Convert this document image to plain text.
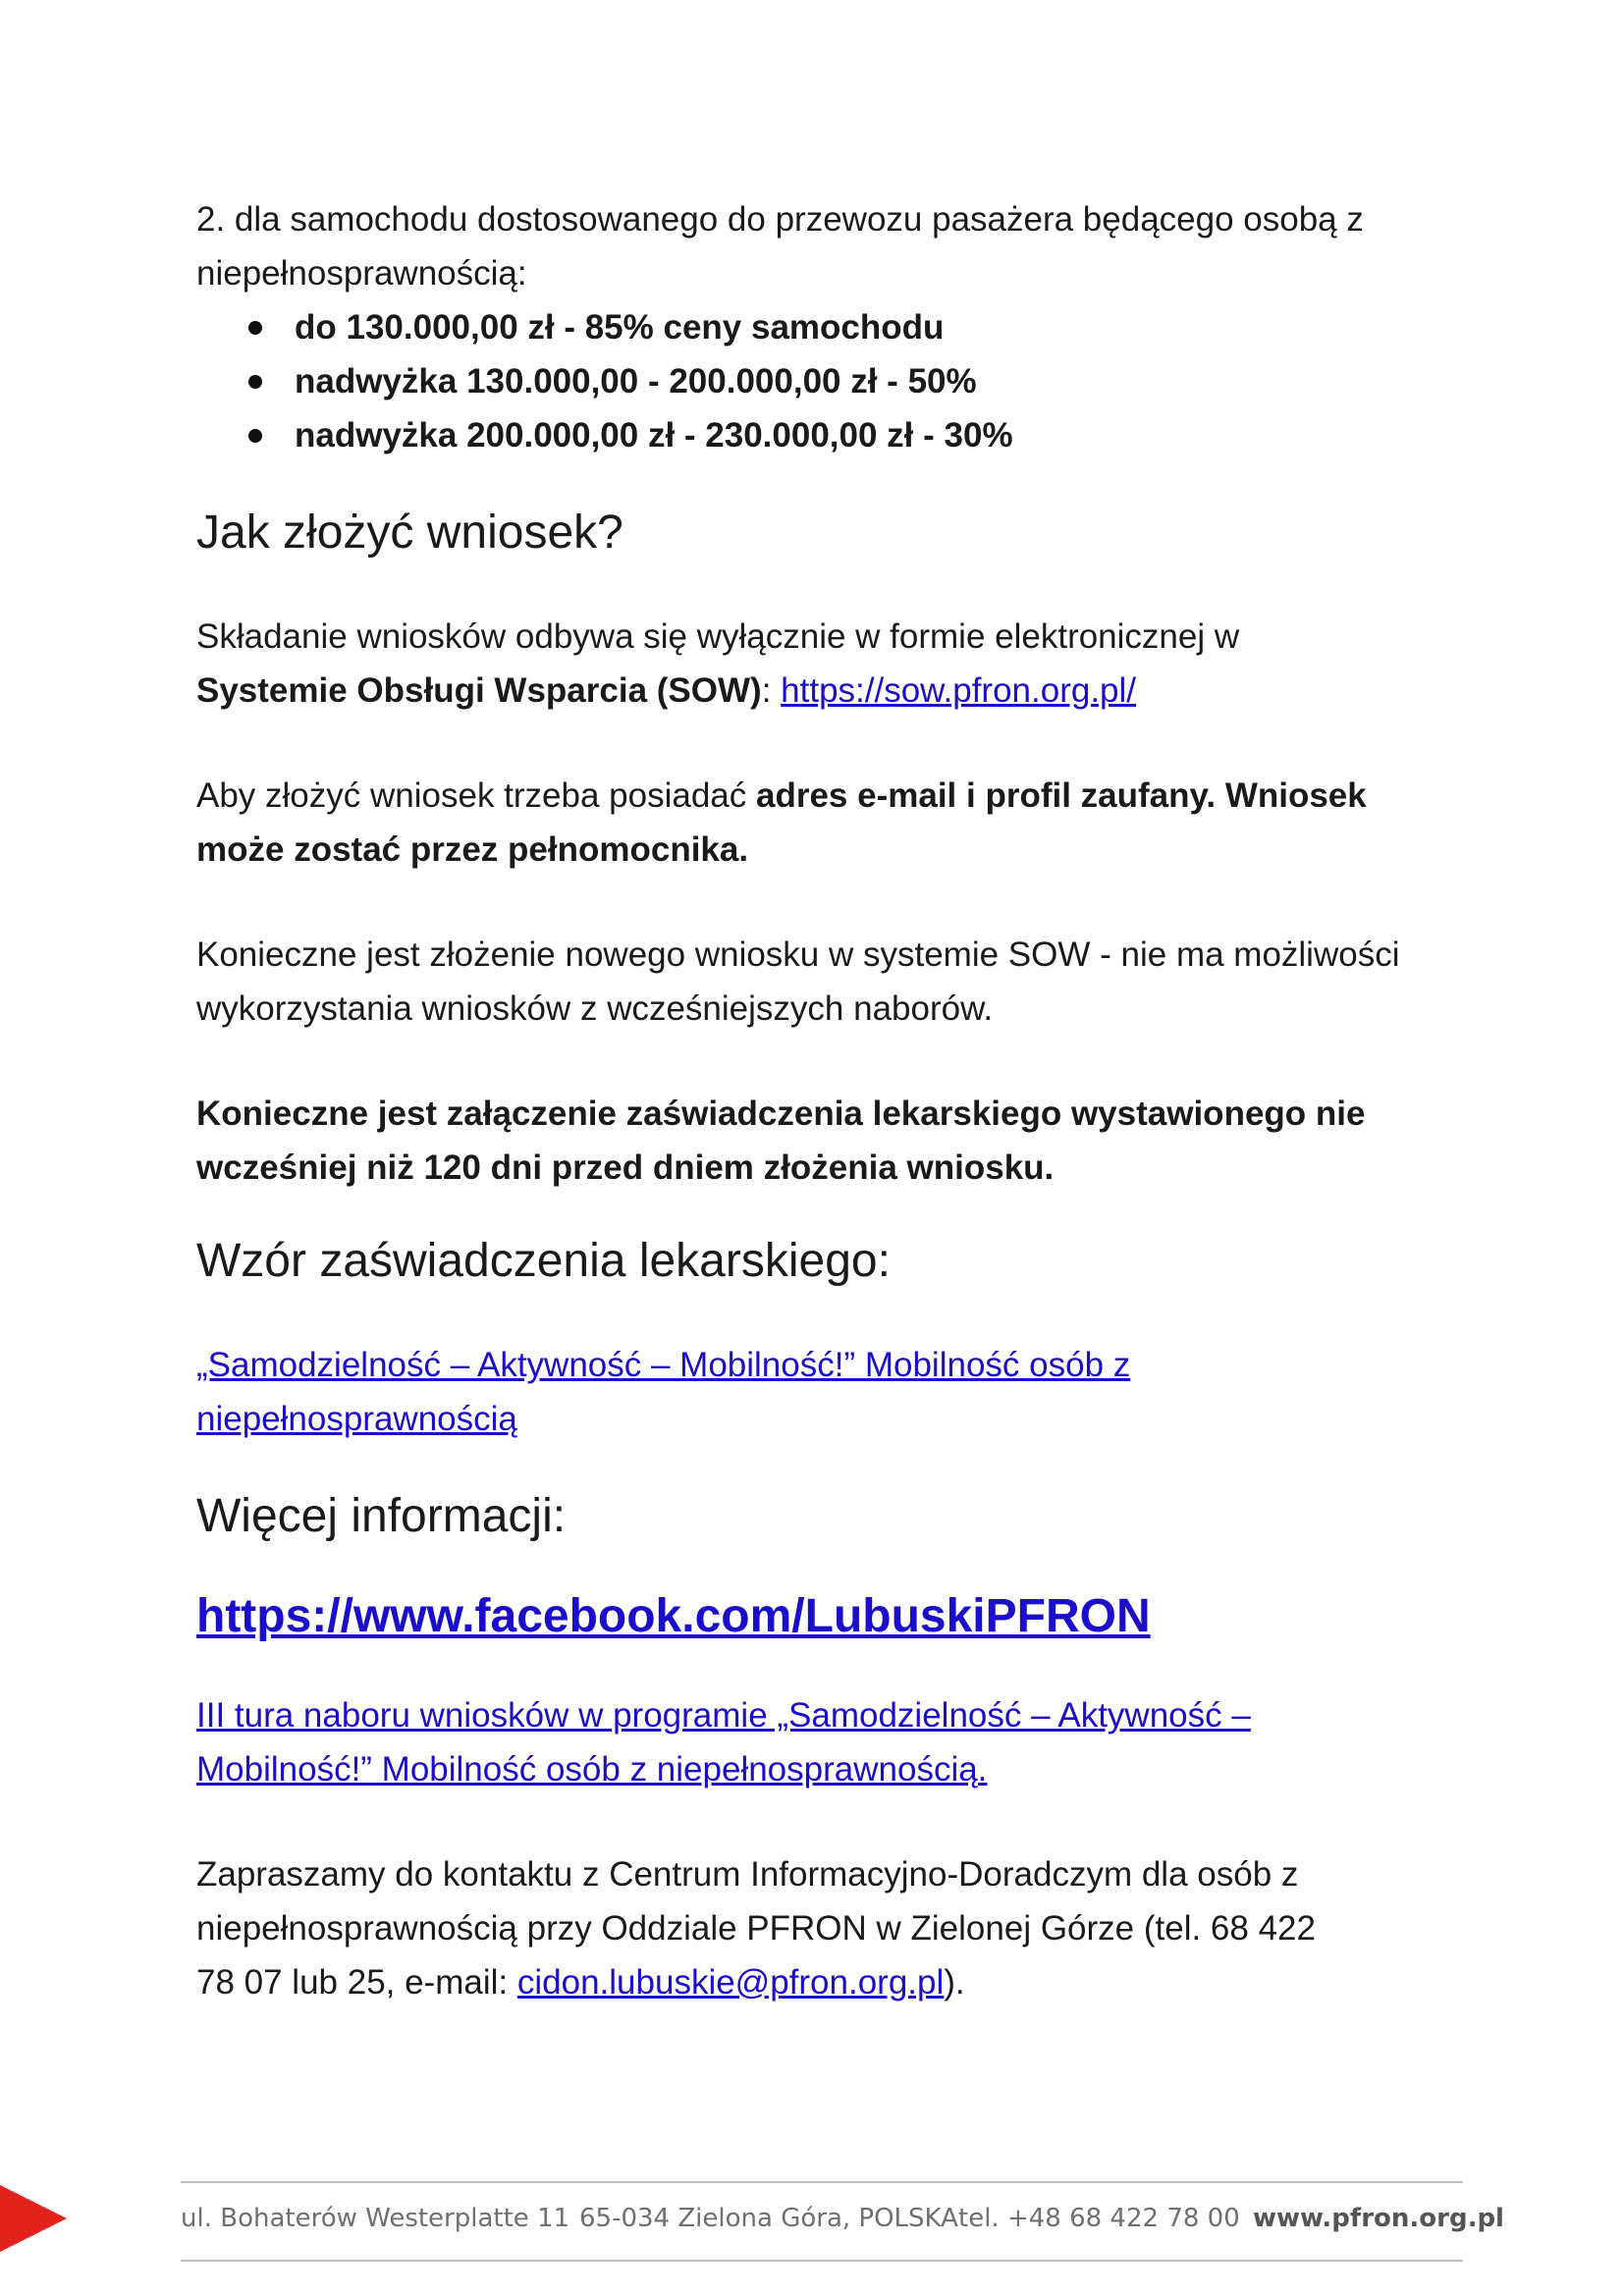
2. dla samochodu dostosowanego do przewozu pasażera będącego osobą z niepełnosprawnością:

do 130.000,00 zł - 85% ceny samochodu
nadwyżka 130.000,00 - 200.000,00 zł - 50%
nadwyżka 200.000,00 zł - 230.000,00 zł - 30%
Jak złożyć wniosek?

Składanie wniosków odbywa się wyłącznie w formie elektronicznej w Systemie Obsługi Wsparcia (SOW): https://sow.pfron.org.pl/

Aby złożyć wniosek trzeba posiadać adres e-mail i profil zaufany. Wniosek może zostać przez pełnomocnika.

Konieczne jest złożenie nowego wniosku w systemie SOW - nie ma możliwości wykorzystania wniosków z wcześniejszych naborów.

Konieczne jest załączenie zaświadczenia lekarskiego wystawionego nie wcześniej niż 120 dni przed dniem złożenia wniosku.

Wzór zaświadczenia lekarskiego:

„Samodzielność – Aktywność – Mobilność!” Mobilność osób z niepełnosprawnością

Więcej informacji:

https://www.facebook.com/LubuskiPFRON

III tura naboru wniosków w programie „Samodzielność – Aktywność – Mobilność!” Mobilność osób z niepełnosprawnością.

Zapraszamy do kontaktu z Centrum Informacyjno-Doradczym dla osób z niepełnosprawnością przy Oddziale PFRON w Zielonej Górze (tel. 68 422 78 07 lub 25, e-mail: cidon.lubuskie@pfron.org.pl).

ul. Bohaterów Westerplatte 11 65-034 Zielona Góra, POLSKA tel. +48 68 422 78 00 www.pfron.org.pl
